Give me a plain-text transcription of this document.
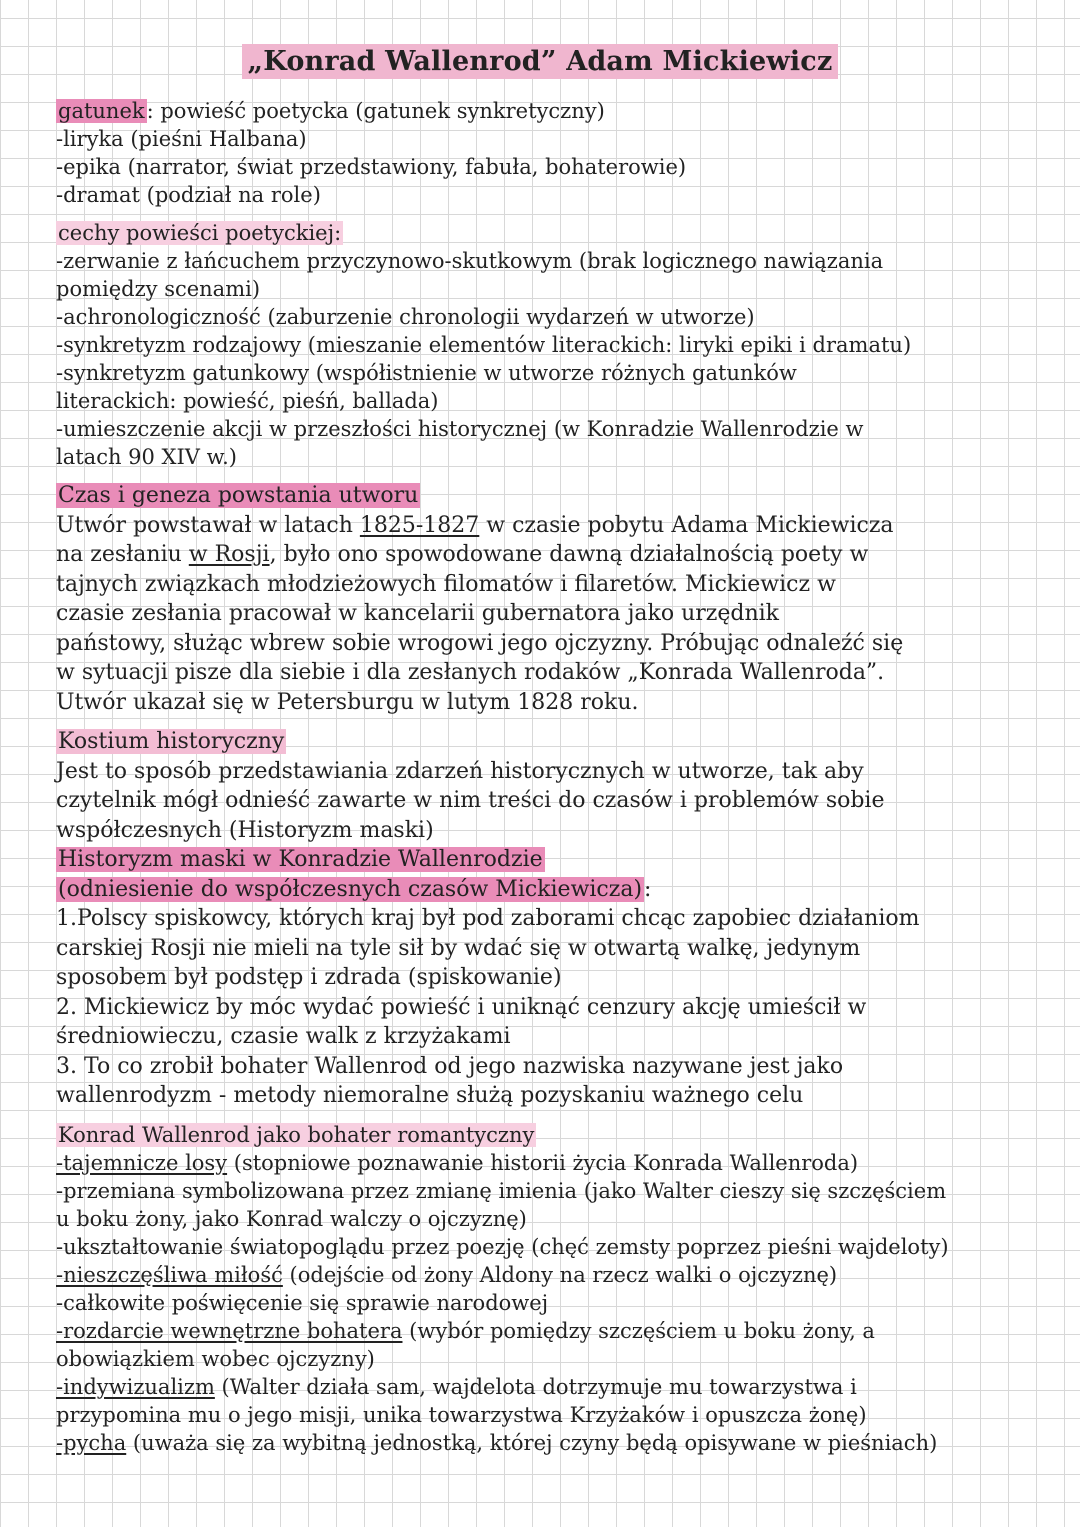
„Konrad Wallenrod” Adam Mickiewicz
gatunek: powieść poetycka (gatunek synkretyczny)
-liryka (pieśni Halbana)
-epika (narrator, świat przedstawiony, fabuła, bohaterowie)
-dramat (podział na role)
cechy powieści poetyckiej:
-zerwanie z łańcuchem przyczynowo-skutkowym (brak logicznego nawiązania
pomiędzy scenami)
-achronologiczność (zaburzenie chronologii wydarzeń w utworze)
-synkretyzm rodzajowy (mieszanie elementów literackich: liryki epiki i dramatu)
-synkretyzm gatunkowy (współistnienie w utworze różnych gatunków
literackich: powieść, pieśń, ballada)
-umieszczenie akcji w przeszłości historycznej (w Konradzie Wallenrodzie w
latach 90 XIV w.)
Czas i geneza powstania utworu
Utwór powstawał w latach 1825-1827 w czasie pobytu Adama Mickiewicza
na zesłaniu w Rosji, było ono spowodowane dawną działalnością poety w
tajnych związkach młodzieżowych filomatów i filaretów. Mickiewicz w
czasie zesłania pracował w kancelarii gubernatora jako urzędnik
państowy, służąc wbrew sobie wrogowi jego ojczyzny. Próbując odnaleźć się
w sytuacji pisze dla siebie i dla zesłanych rodaków „Konrada Wallenroda”.
Utwór ukazał się w Petersburgu w lutym 1828 roku.
Kostium historyczny
Jest to sposób przedstawiania zdarzeń historycznych w utworze, tak aby
czytelnik mógł odnieść zawarte w nim treści do czasów i problemów sobie
współczesnych (Historyzm maski)
Historyzm maski w Konradzie Wallenrodzie
(odniesienie do współczesnych czasów Mickiewicza):
1.Polscy spiskowcy, których kraj był pod zaborami chcąc zapobiec działaniom
carskiej Rosji nie mieli na tyle sił by wdać się w otwartą walkę, jedynym
sposobem był podstęp i zdrada (spiskowanie)
2. Mickiewicz by móc wydać powieść i uniknąć cenzury akcję umieścił w
średniowieczu, czasie walk z krzyżakami
3. To co zrobił bohater Wallenrod od jego nazwiska nazywane jest jako
wallenrodyzm - metody niemoralne służą pozyskaniu ważnego celu
Konrad Wallenrod jako bohater romantyczny
-tajemnicze losy (stopniowe poznawanie historii życia Konrada Wallenroda)
-przemiana symbolizowana przez zmianę imienia (jako Walter cieszy się szczęściem
u boku żony, jako Konrad walczy o ojczyznę)
-ukształtowanie światopoglądu przez poezję (chęć zemsty poprzez pieśni wajdeloty)
-nieszczęśliwa miłość (odejście od żony Aldony na rzecz walki o ojczyznę)
-całkowite poświęcenie się sprawie narodowej
-rozdarcie wewnętrzne bohatera (wybór pomiędzy szczęściem u boku żony, a
obowiązkiem wobec ojczyzny)
-indywizualizm (Walter działa sam, wajdelota dotrzymuje mu towarzystwa i
przypomina mu o jego misji, unika towarzystwa Krzyżaków i opuszcza żonę)
-pycha (uważa się za wybitną jednostką, której czyny będą opisywane w pieśniach)
